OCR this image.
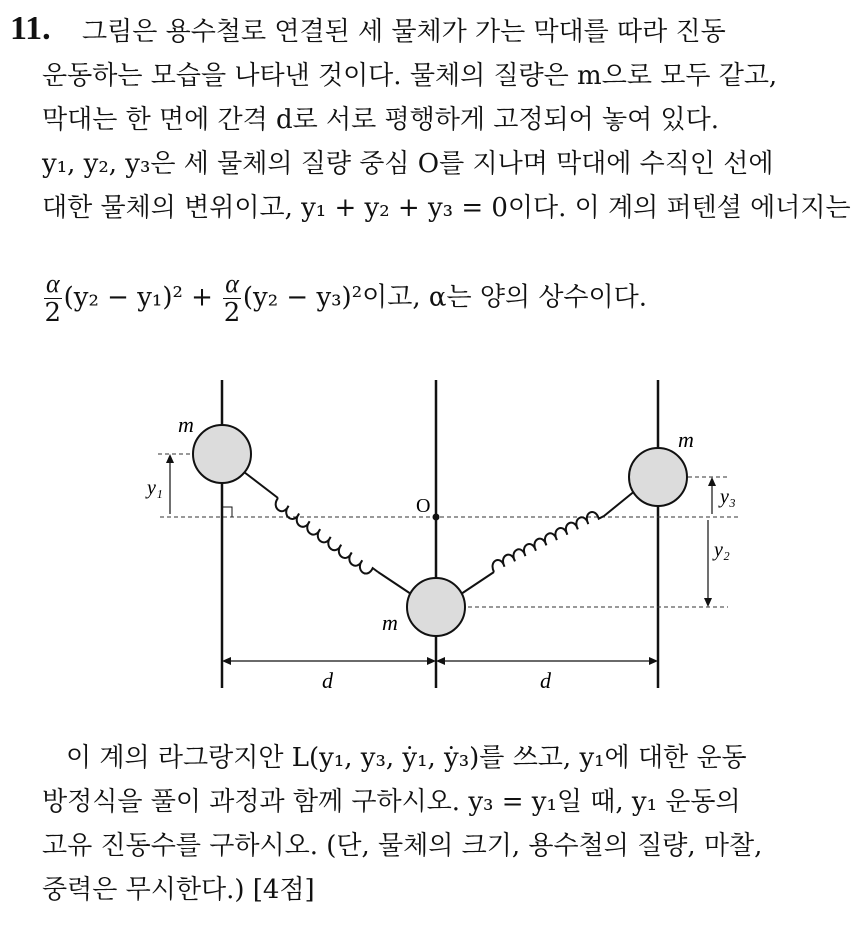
11. 그림은 용수철로 연결된 세 물체가 가는 막대를 따라 진동
운동하는 모습을 나타낸 것이다. 물체의 질량은 m으로 모두 같고,
막대는 한 면에 간격 d로 서로 평행하게 고정되어 놓여 있다.
y₁, y₂, y₃은 세 물체의 질량 중심 O를 지나며 막대에 수직인 선에
대한 물체의 변위이고, y₁ + y₂ + y₃ = 0이다. 이 계의 퍼텐셜 에너지는
$\frac{\alpha}{2} (y_2 - y_1)^2 + \frac{\alpha}{2} (y_2 - y_3)^2$이고, α는 양의 상수이다.
O
m
m
m
y₁	y₃
y₂
d	d
이 계의 라그랑지안 L(y₁, y₃, ẏ₁, ẏ₃)를 쓰고, y₁에 대한 운동
방정식을 풀이 과정과 함께 구하시오. y₃ = y₁일 때, y₁ 운동의
고유 진동수를 구하시오. (단, 물체의 크기, 용수철의 질량, 마찰,
중력은 무시한다.) [4점]
